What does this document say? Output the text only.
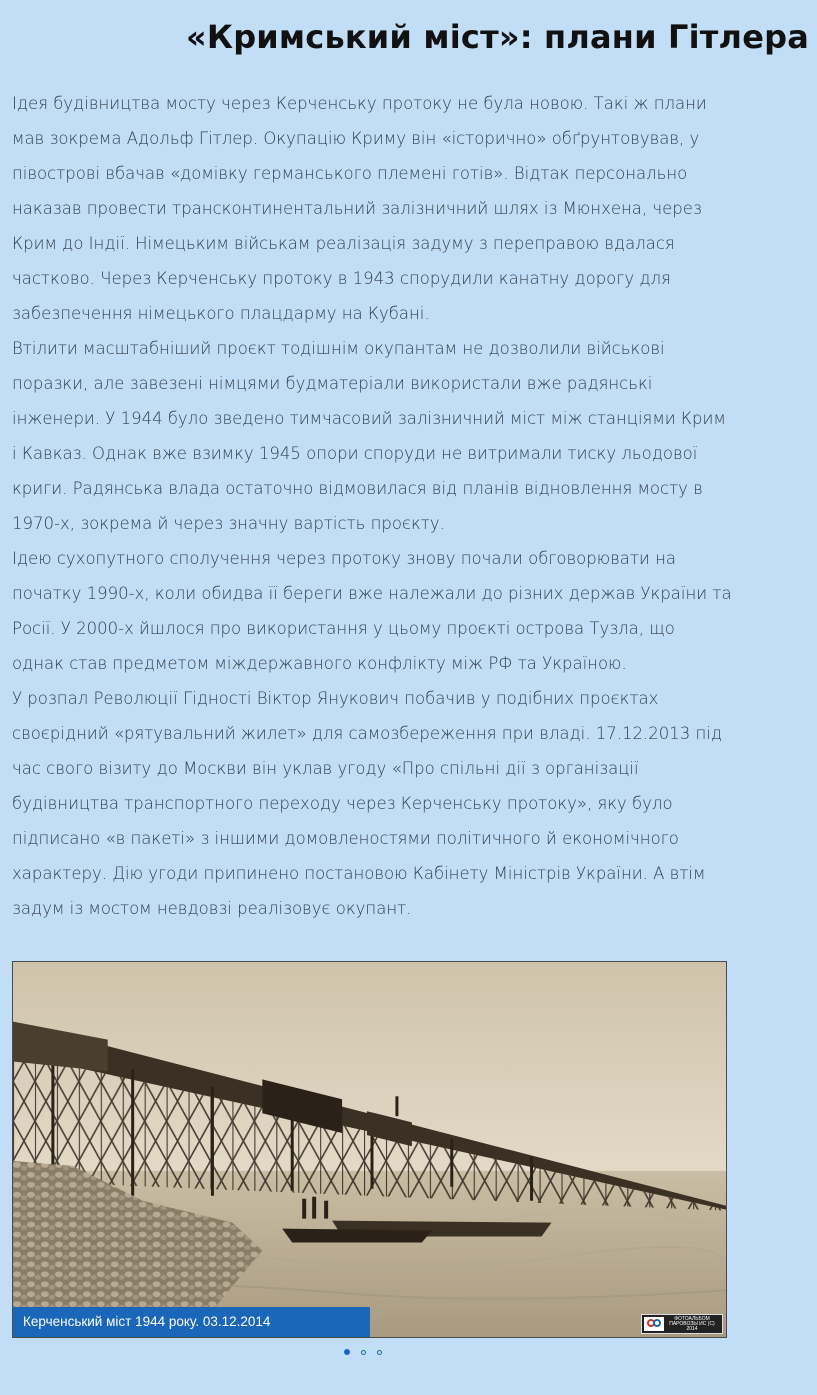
«Кримський міст»: плани Гітлера

Ідея будівництва мосту через Керченську протоку не була новою. Такі ж плани мав зокрема Адольф Гітлер. Окупацію Криму він «історично» обґрунтовував, у півострові вбачав «домівку германського племені готів». Відтак персонально наказав провести трансконтинентальний залізничний шлях із Мюнхена, через Крим до Індії. Німецьким військам реалізація задуму з переправою вдалася частково. Через Керченську протоку в 1943 спорудили канатну дорогу для забезпечення німецького плацдарму на Кубані.

Втілити масштабніший проєкт тодішнім окупантам не дозволили військові поразки, але завезені німцями будматеріали використали вже радянські інженери. У 1944 було зведено тимчасовий залізничний міст між станціями Крим і Кавказ. Однак вже взимку 1945 опори споруди не витримали тиску льодової криги. Радянська влада остаточно відмовилася від планів відновлення мосту в 1970-х, зокрема й через значну вартість проєкту.

Ідею сухопутного сполучення через протоку знову почали обговорювати на початку 1990-х, коли обидва її береги вже належали до різних держав України та Росії. У 2000-х йшлося про використання у цьому проєкті острова Тузла, що однак став предметом міждержавного конфлікту між РФ та Україною.

У розпал Революції Гідності Віктор Янукович побачив у подібних проєктах своєрідний «рятувальний жилет» для самозбереження при владі. 17.12.2013 під час свого візиту до Москви він уклав угоду «Про спільні дії з організації будівництва транспортного переходу через Керченську протоку», яку було підписано «в пакеті» з іншими домовленостями політичного й економічного характеру. Дію угоди припинено постановою Кабінету Міністрів України. А втім задум із мостом невдовзі реалізовує окупант.

Керченський міст 1944 року. 03.12.2014	ФОТОАЛЬБОМ ПАРОВОЗЫ ИС (С) 2014
